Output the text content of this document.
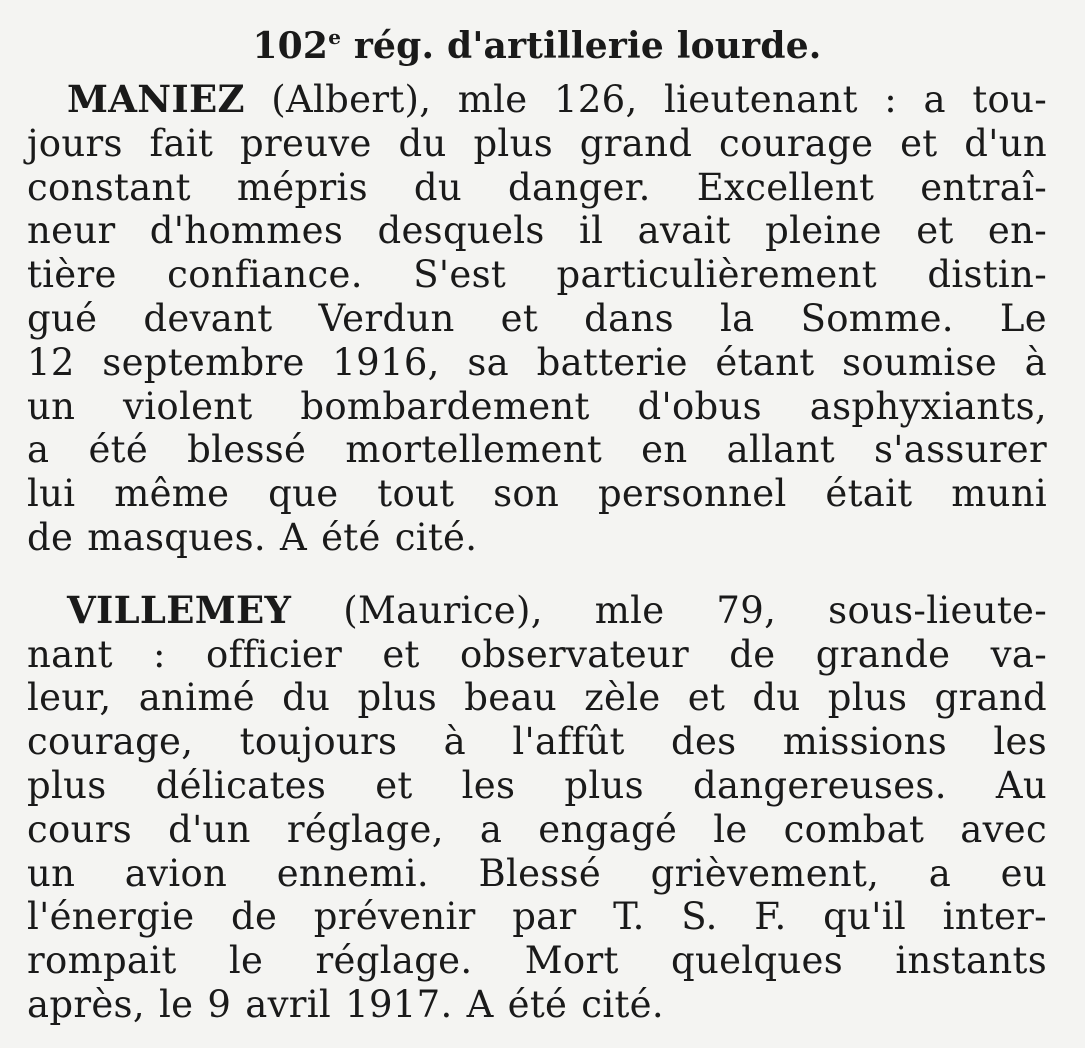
102e rég. d'artillerie lourde.
MANIEZ (Albert), mle 126, lieutenant : a tou-
jours fait preuve du plus grand courage et d'un
constant mépris du danger. Excellent entraî-
neur d'hommes desquels il avait pleine et en-
tière confiance. S'est particulièrement distin-
gué devant Verdun et dans la Somme. Le
12 septembre 1916, sa batterie étant soumise à
un violent bombardement d'obus asphyxiants,
a été blessé mortellement en allant s'assurer
lui même que tout son personnel était muni
de masques. A été cité.
VILLEMEY (Maurice), mle 79, sous-lieute-
nant : officier et observateur de grande va-
leur, animé du plus beau zèle et du plus grand
courage, toujours à l'affût des missions les
plus délicates et les plus dangereuses. Au
cours d'un réglage, a engagé le combat avec
un avion ennemi. Blessé grièvement, a eu
l'énergie de prévenir par T. S. F. qu'il inter-
rompait le réglage. Mort quelques instants
après, le 9 avril 1917. A été cité.
